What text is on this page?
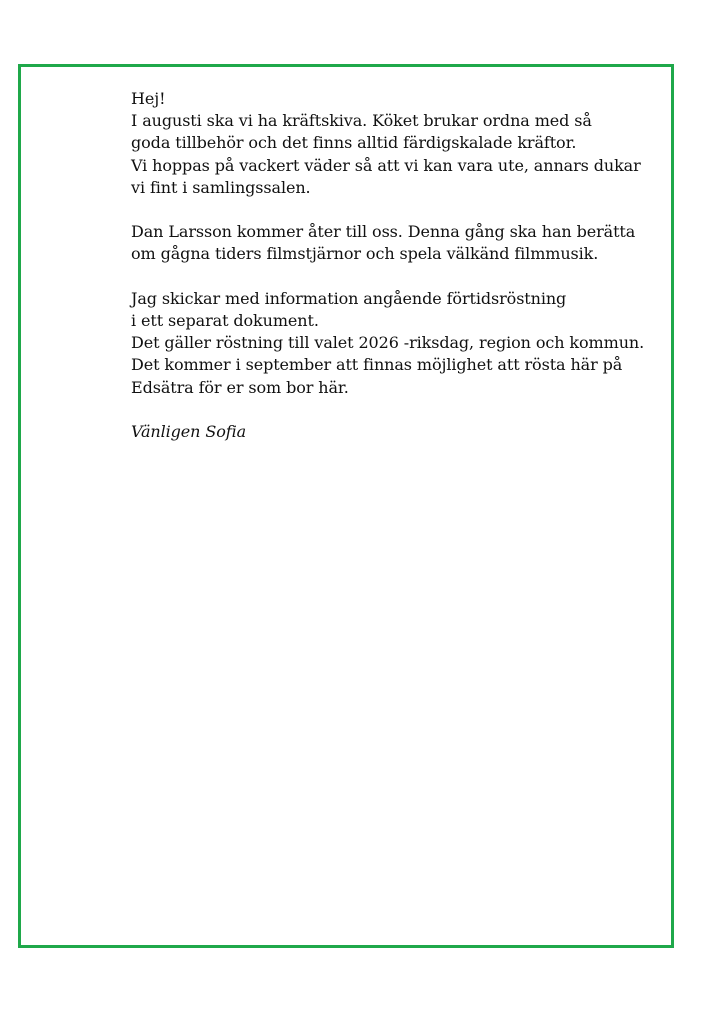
Hej!
I augusti ska vi ha kräftskiva. Köket brukar ordna med så
goda tillbehör och det finns alltid färdigskalade kräftor.
Vi hoppas på vackert väder så att vi kan vara ute, annars dukar
vi fint i samlingssalen.
Dan Larsson kommer åter till oss. Denna gång ska han berätta
om gågna tiders filmstjärnor och spela välkänd filmmusik.
Jag skickar med information angående förtidsröstning
i ett separat dokument.
Det gäller röstning till valet 2026 -riksdag, region och kommun.
Det kommer i september att finnas möjlighet att rösta här på
Edsätra för er som bor här.
Vänligen Sofia
